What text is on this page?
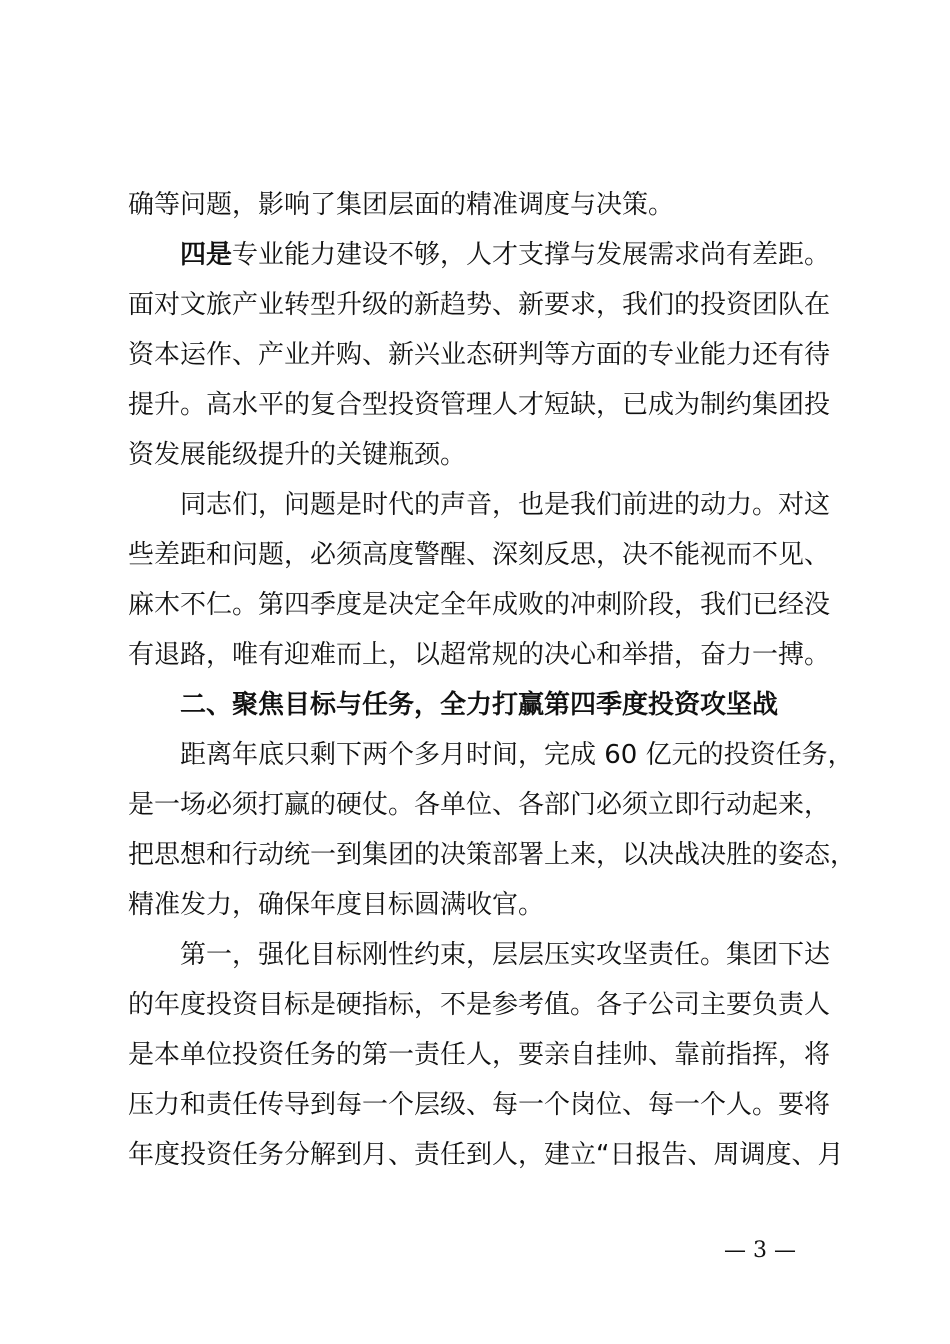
确等问题，影响了集团层面的精准调度与决策。
四是专业能力建设不够，人才支撑与发展需求尚有差距。
面对文旅产业转型升级的新趋势、新要求，我们的投资团队在
资本运作、产业并购、新兴业态研判等方面的专业能力还有待
提升。高水平的复合型投资管理人才短缺，已成为制约集团投
资发展能级提升的关键瓶颈。
同志们，问题是时代的声音，也是我们前进的动力。对这
些差距和问题，必须高度警醒、深刻反思，决不能视而不见、
麻木不仁。第四季度是决定全年成败的冲刺阶段，我们已经没
有退路，唯有迎难而上，以超常规的决心和举措，奋力一搏。
二、聚焦目标与任务，全力打赢第四季度投资攻坚战
距离年底只剩下两个多月时间，完成 60 亿元的投资任务，
是一场必须打赢的硬仗。各单位、各部门必须立即行动起来，
把思想和行动统一到集团的决策部署上来，以决战决胜的姿态，
精准发力，确保年度目标圆满收官。
第一，强化目标刚性约束，层层压实攻坚责任。集团下达
的年度投资目标是硬指标，不是参考值。各子公司主要负责人
是本单位投资任务的第一责任人，要亲自挂帅、靠前指挥，将
压力和责任传导到每一个层级、每一个岗位、每一个人。要将
年度投资任务分解到月、责任到人，建立“日报告、周调度、月
— 3 —
